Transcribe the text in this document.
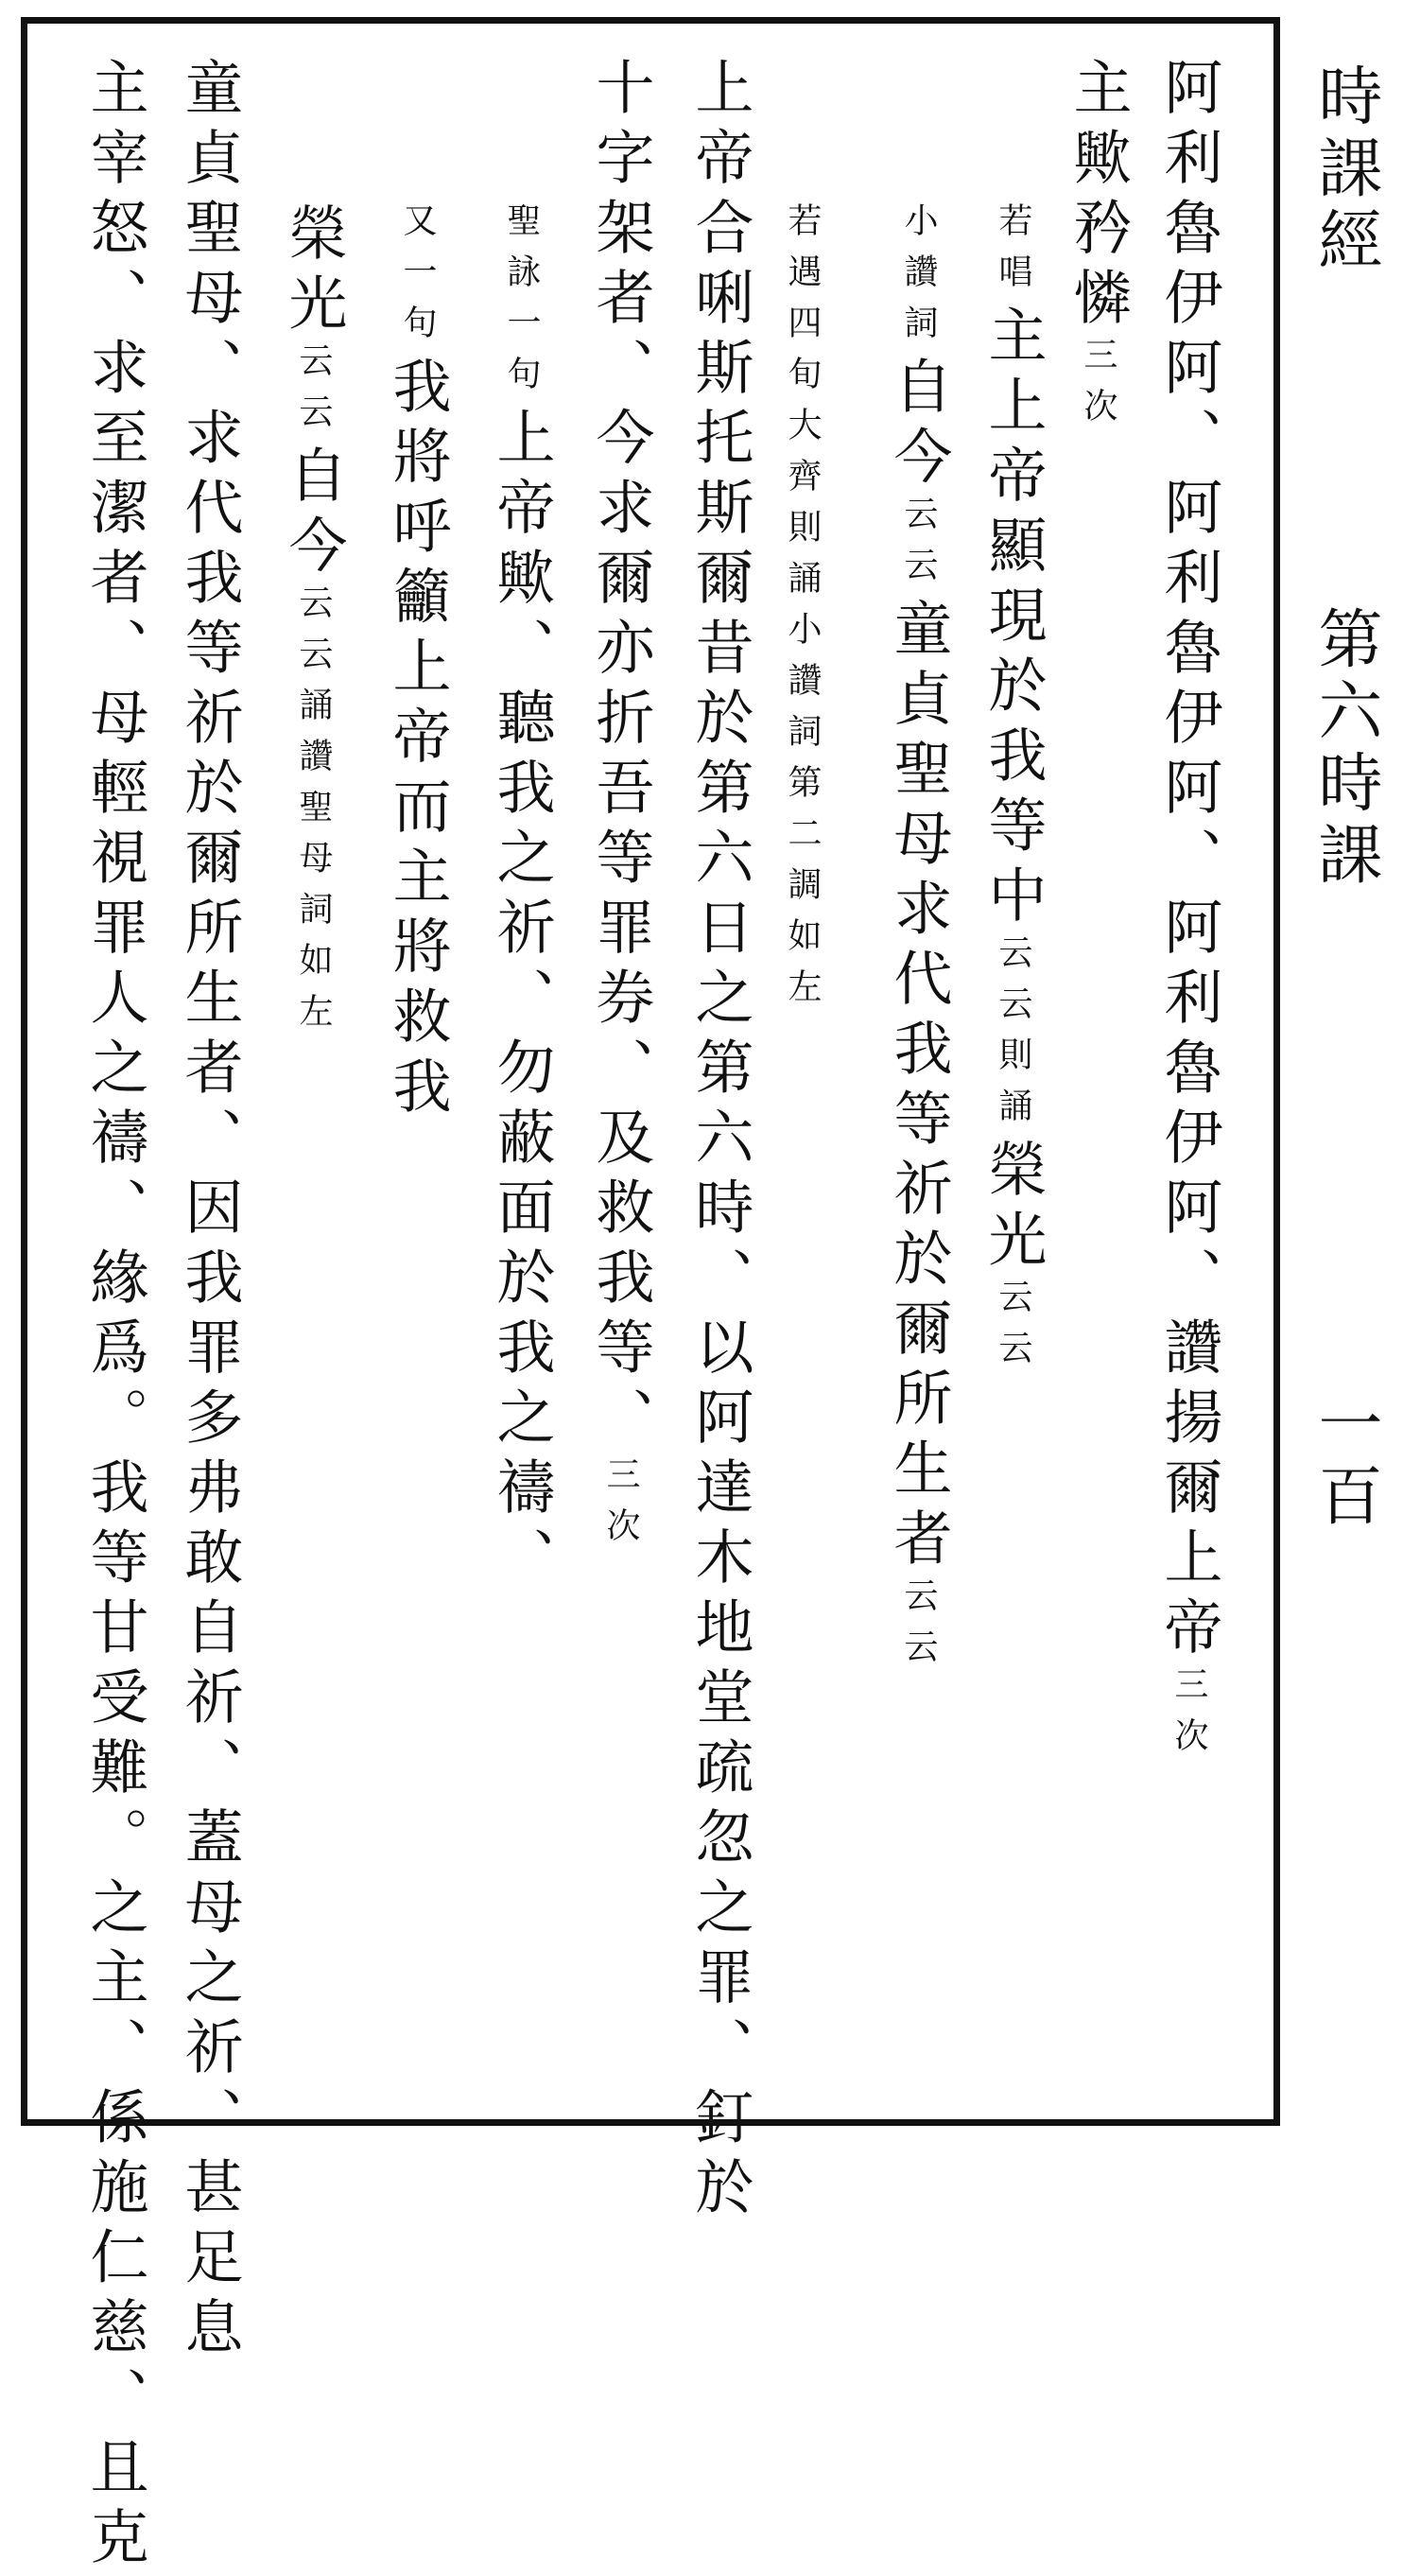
時課經
第六時課
一百
阿利魯伊阿、阿利魯伊阿、阿利魯伊阿、讚揚爾上帝三次
主歟矜憐三次
若唱主上帝顯現於我等中云云則誦榮光云云
小讚詞自今云云童貞聖母求代我等祈於爾所生者云云
若遇四旬大齊則誦小讚詞第二調如左
上帝合唎斯托斯爾昔於第六日之第六時、以阿達木地堂疏忽之罪、釘於
十字架者、今求爾亦折吾等罪券、及救我等、三次
聖詠一句上帝歟、聽我之祈、勿蔽面於我之禱、
又一句我將呼籲上帝而主將救我
榮光云云自今云云誦讚聖母詞如左
童貞聖母、求代我等祈於爾所生者、因我罪多弗敢自祈、蓋母之祈、甚足息
主宰怒、求至潔者、母輕視罪人之禱、緣爲。我等甘受難。之主、係施仁慈、且克
